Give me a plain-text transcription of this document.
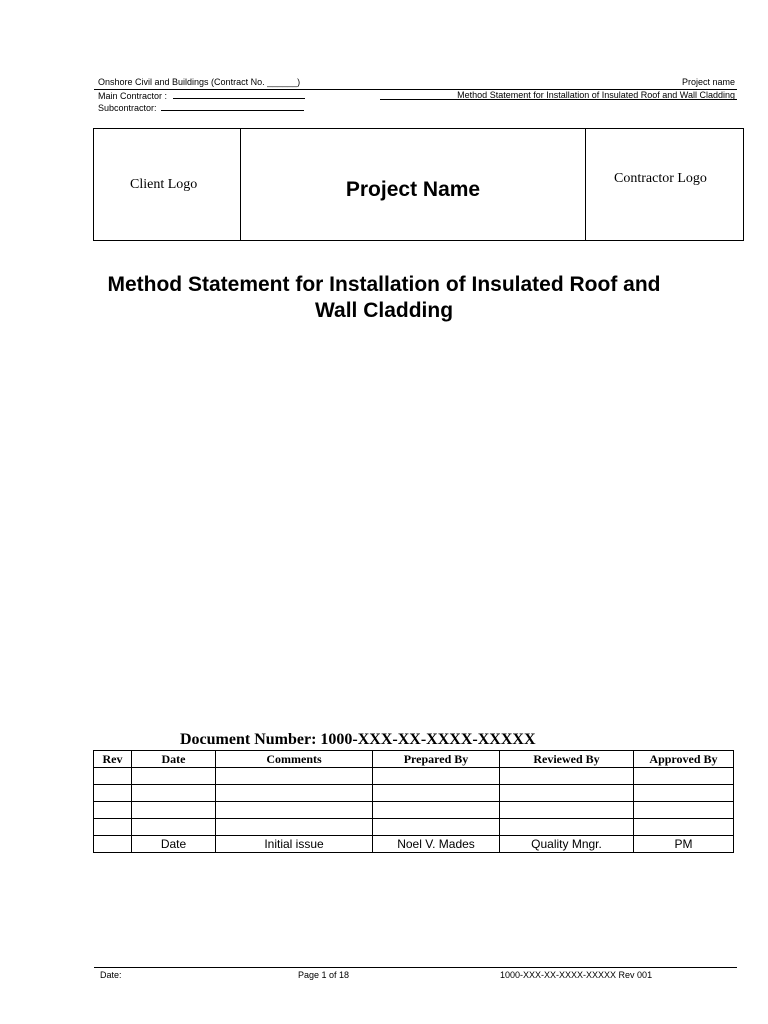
Onshore Civil and Buildings (Contract No. ______)	Project name
Main Contractor :	Method Statement for Installation of Insulated Roof and Wall Cladding
Subcontractor:
Client Logo	Project Name	Contractor Logo
Method Statement for Installation of Insulated Roof and Wall Cladding
Document Number: 1000-XXX-XX-XXXX-XXXXX
Rev	Date	Comments	Prepared By	Reviewed By	Approved By

	Date	Initial issue	Noel V. Mades	Quality Mngr.	PM
Date:	Page 1 of 18	1000-XXX-XX-XXXX-XXXXX Rev 001
